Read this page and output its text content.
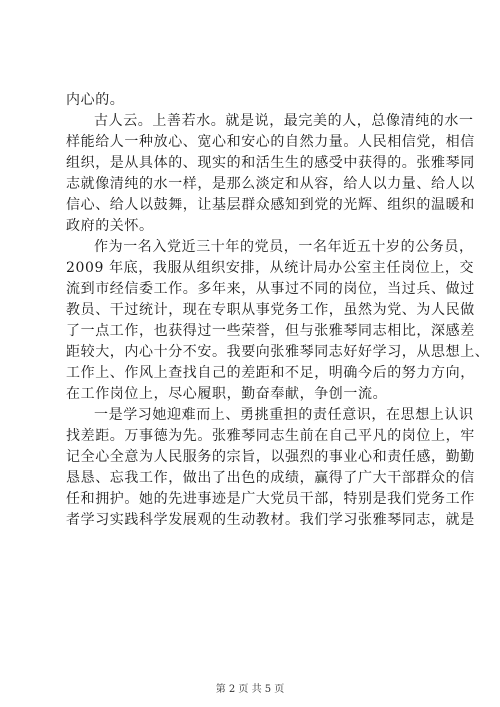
内心的。
古人云。上善若水。就是说，最完美的人，总像清纯的水一
样能给人一种放心、宽心和安心的自然力量。人民相信党，相信
组织，是从具体的、现实的和活生生的感受中获得的。张雅琴同
志就像清纯的水一样，是那么淡定和从容，给人以力量、给人以
信心、给人以鼓舞，让基层群众感知到党的光辉、组织的温暖和
政府的关怀。
作为一名入党近三十年的党员，一名年近五十岁的公务员，
2009 年底，我服从组织安排，从统计局办公室主任岗位上，交
流到市经信委工作。多年来，从事过不同的岗位，当过兵、做过
教员、干过统计，现在专职从事党务工作，虽然为党、为人民做
了一点工作，也获得过一些荣誉，但与张雅琴同志相比，深感差
距较大，内心十分不安。我要向张雅琴同志好好学习，从思想上、
工作上、作风上查找自己的差距和不足，明确今后的努力方向，
在工作岗位上，尽心履职，勤奋奉献，争创一流。
一是学习她迎难而上、勇挑重担的责任意识，在思想上认识
找差距。万事德为先。张雅琴同志生前在自己平凡的岗位上，牢
记全心全意为人民服务的宗旨，以强烈的事业心和责任感，勤勤
恳恳、忘我工作，做出了出色的成绩，赢得了广大干部群众的信
任和拥护。她的先进事迹是广大党员干部，特别是我们党务工作
者学习实践科学发展观的生动教材。我们学习张雅琴同志，就是
第 2 页 共 5 页
